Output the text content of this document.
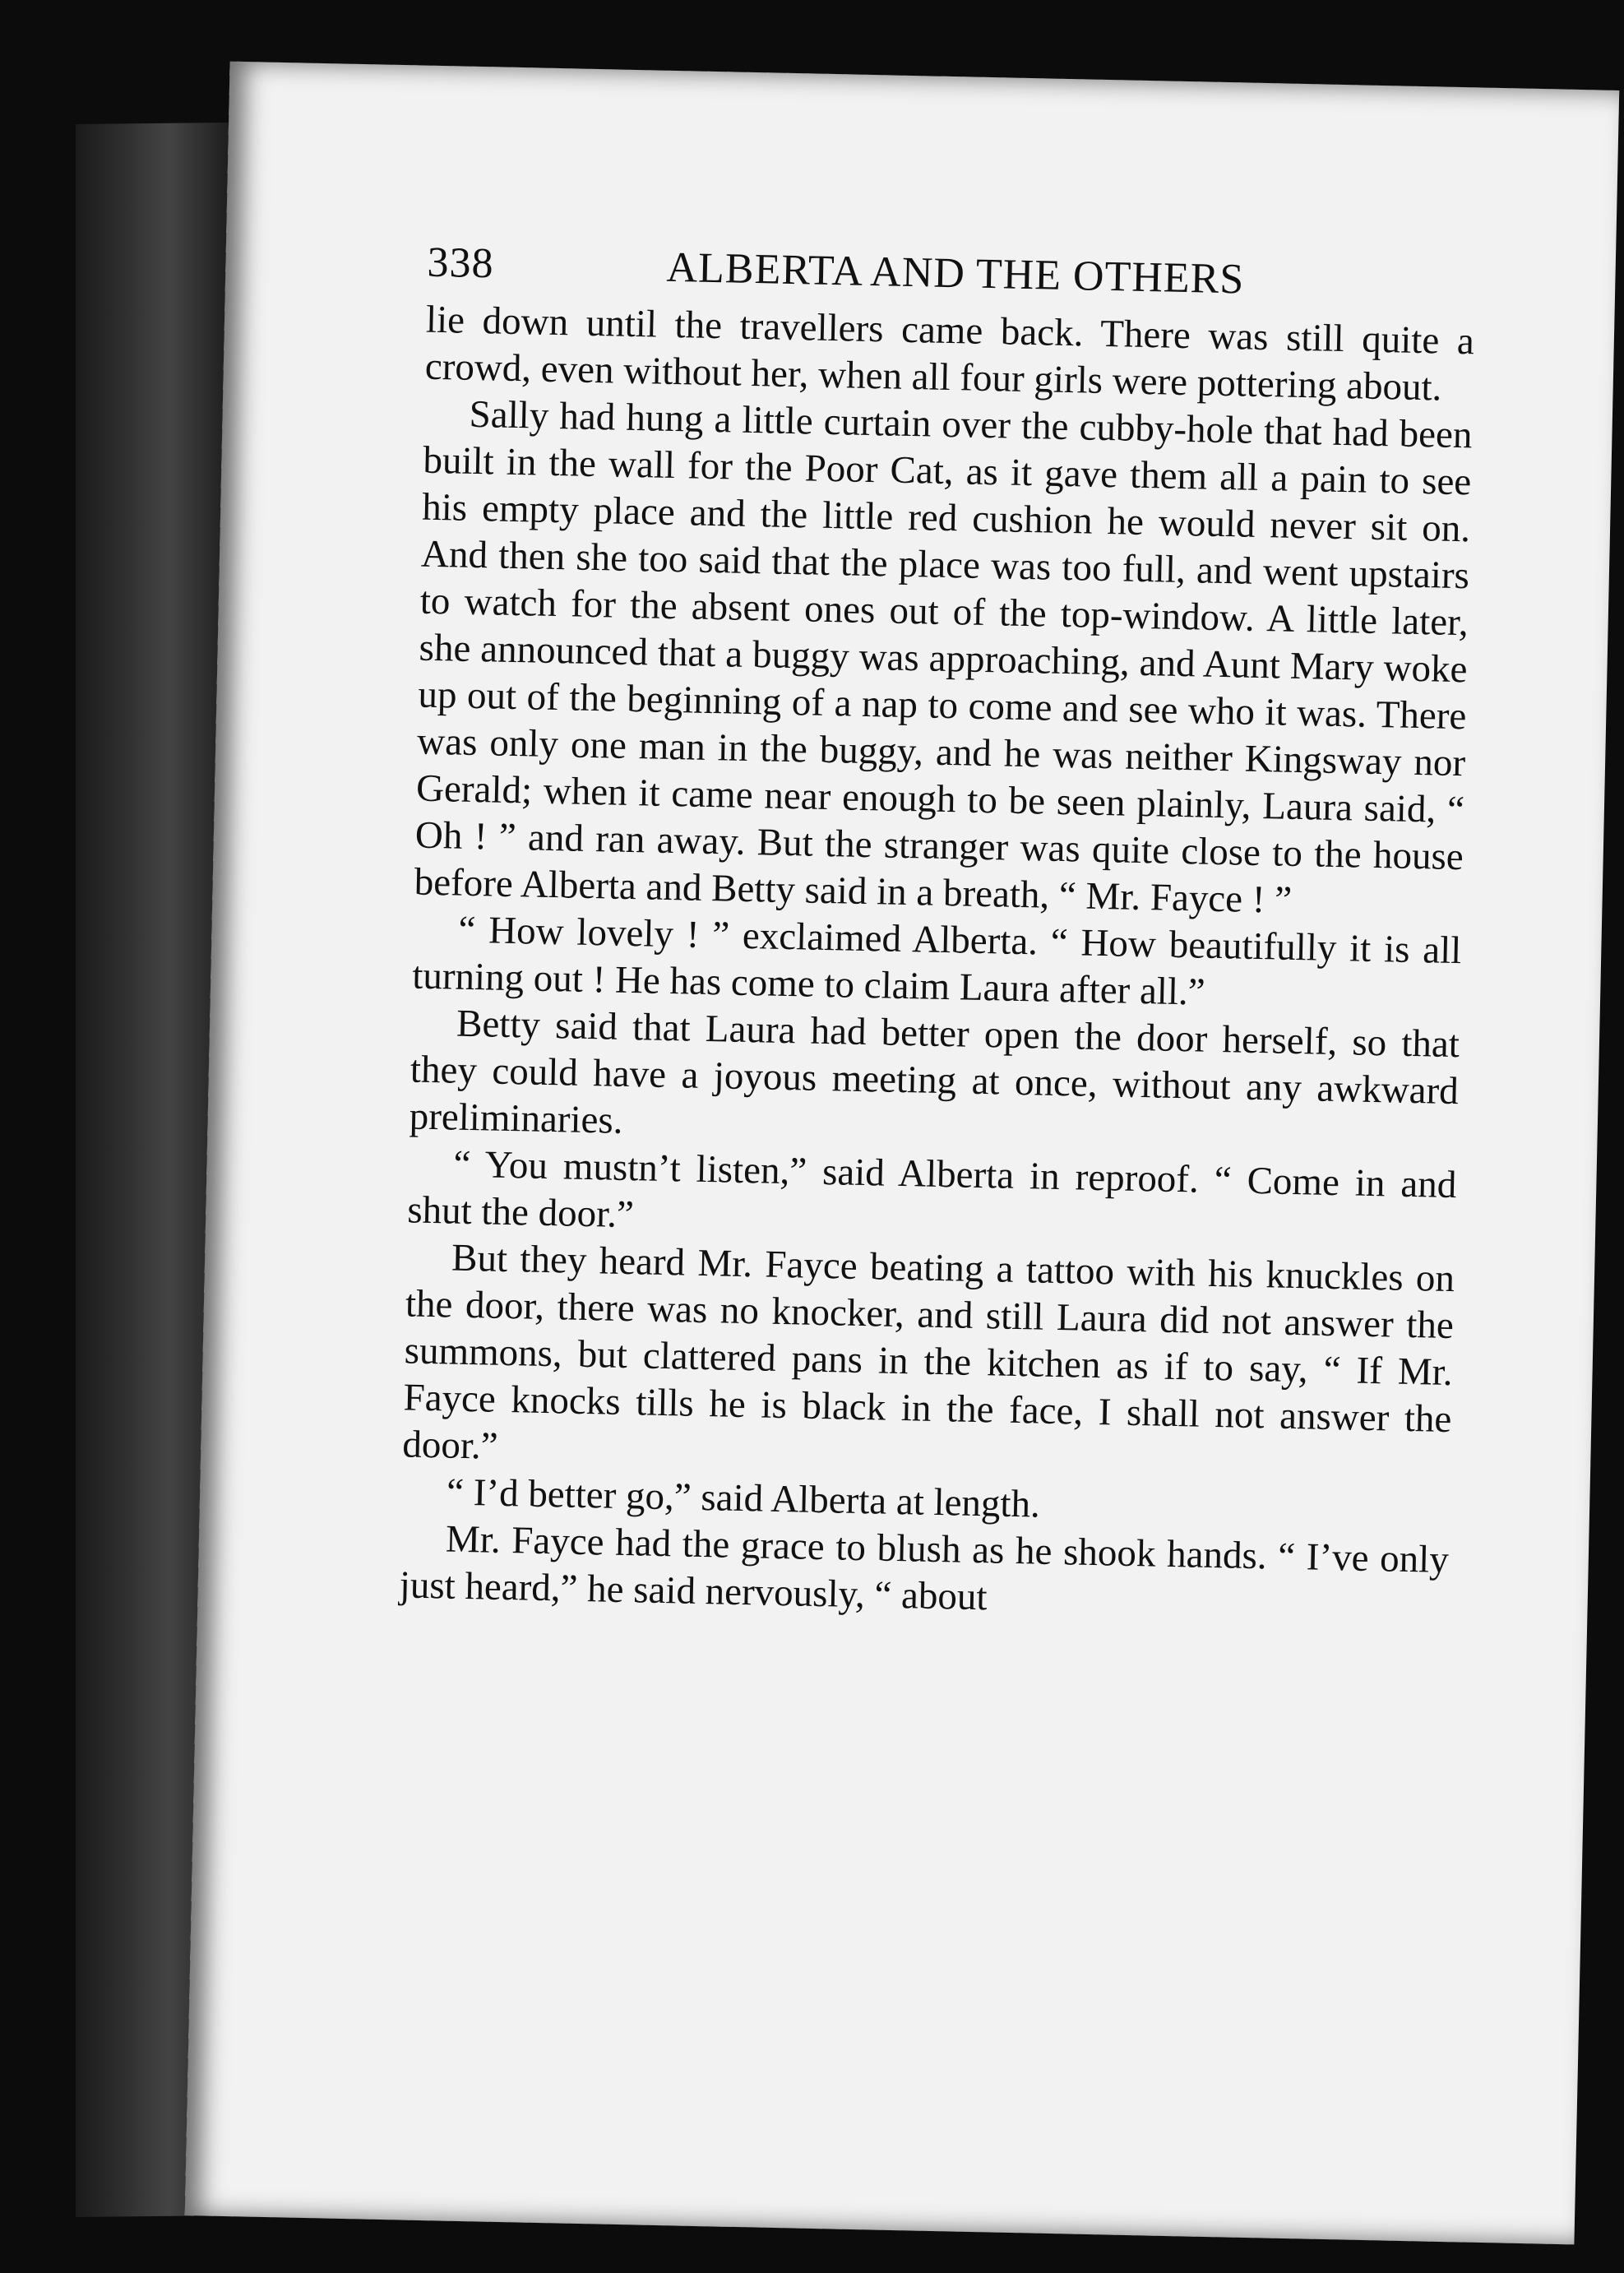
338	ALBERTA AND THE OTHERS

lie down until the travellers came back. There was still quite a crowd, even without her, when all four girls were pottering about.

Sally had hung a little curtain over the cubby-hole that had been built in the wall for the Poor Cat, as it gave them all a pain to see his empty place and the little red cushion he would never sit on. And then she too said that the place was too full, and went upstairs to watch for the absent ones out of the top-window. A little later, she announced that a buggy was approaching, and Aunt Mary woke up out of the beginning of a nap to come and see who it was. There was only one man in the buggy, and he was neither Kingsway nor Gerald; when it came near enough to be seen plainly, Laura said, “ Oh ! ” and ran away. But the stranger was quite close to the house before Alberta and Betty said in a breath, “ Mr. Fayce ! ”

“ How lovely ! ” exclaimed Alberta. “ How beautifully it is all turning out ! He has come to claim Laura after all.”

Betty said that Laura had better open the door herself, so that they could have a joyous meeting at once, without any awkward preliminaries.

“ You mustn’t listen,” said Alberta in reproof. “ Come in and shut the door.”

But they heard Mr. Fayce beating a tattoo with his knuckles on the door, there was no knocker, and still Laura did not answer the summons, but clattered pans in the kitchen as if to say, “ If Mr. Fayce knocks tills he is black in the face, I shall not answer the door.”

“ I’d better go,” said Alberta at length.

Mr. Fayce had the grace to blush as he shook hands. “ I’ve only just heard,” he said nervously, “ about
